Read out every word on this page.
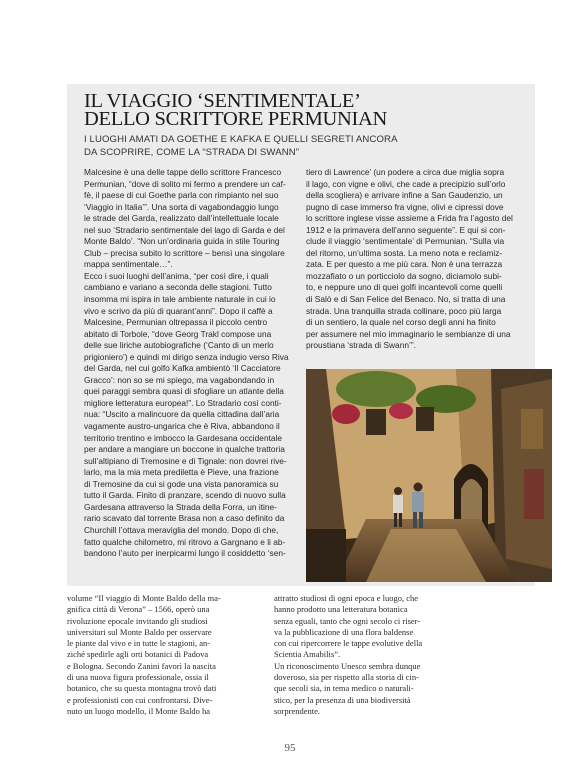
IL VIAGGIO ‘SENTIMENTALE’
DELLO SCRITTORE PERMUNIAN

I LUOGHI AMATI DA GOETHE E KAFKA E QUELLI SEGRETI ANCORA
DA SCOPRIRE, COME LA “STRADA DI SWANN”

Malcesine è una delle tappe dello scrittore Francesco
Permunian, “dove di solito mi fermo a prendere un caf-
fè, il paese di cui Goethe parla con rimpianto nel suo
‘Viaggio in Italia’”. Una sorta di vagabondaggio lungo
le strade del Garda, realizzato dall’intellettuale locale
nel suo ‘Stradario sentimentale del lago di Garda e del
Monte Baldo’. “Non un’ordinaria guida in stile Touring
Club – precisa subito lo scrittore – bensì una singolare
mappa sentimentale…”.
Ecco i suoi luoghi dell’anima, “per così dire, i quali
cambiano e variano a seconda delle stagioni. Tutto
insomma mi ispira in tale ambiente naturale in cui io
vivo e scrivo da più di quarant’anni”. Dopo il caffè a
Malcesine, Permunian oltrepassa il piccolo centro
abitato di Torbole, “dove Georg Trakl compose una
delle sue liriche autobiografiche (‘Canto di un merlo
prigioniero’) e quindi mi dirigo senza indugio verso Riva
del Garda, nel cui golfo Kafka ambientò ‘Il Cacciatore
Gracco’: non so se mi spiego, ma vagabondando in
quei paraggi sembra quasi di sfogliare un atlante della
migliore letteratura europea!”. Lo Stradario così conti-
nua: “Uscito a malincuore da quella cittadina dall’aria
vagamente austro-ungarica che è Riva, abbandono il
territorio trentino e imbocco la Gardesana occidentale
per andare a mangiare un boccone in qualche trattoria
sull’altipiano di Tremosine e di Tignale: non dovrei rive-
larlo, ma la mia meta prediletta è Pieve, una frazione
di Tremosine da cui si gode una vista panoramica su
tutto il Garda. Finito di pranzare, scendo di nuovo sulla
Gardesana attraverso la Strada della Forra, un itine-
rario scavato dal torrente Brasa non a caso definito da
Churchill l’ottava meraviglia del mondo. Dopo di che,
fatto qualche chilometro, mi ritrovo a Gargnano e li ab-
bandono l’auto per inerpicarmi lungo il cosiddetto ‘sen-

tiero di Lawrence’ (un podere a circa due miglia sopra
il lago, con vigne e olivi, che cade a precipizio sull’orlo
della scogliera) e arrivare infine a San Gaudenzio, un
pugno di case immerso fra vigne, olivi e cipressi dove
lo scrittore inglese visse assieme a Frida fra l’agosto del
1912 e la primavera dell’anno seguente”. E qui si con-
clude il viaggio ‘sentimentale’ di Permunian. “Sulla via
del ritorno, un’ultima sosta. La meno nota e reclamiz-
zata. E per questo a me più cara. Non è una terrazza
mozzafiato o un porticciolo da sogno, diciamolo subi-
to, e neppure uno di quei golfi incantevoli come quelli
di Salò e di San Felice del Benaco. No, si tratta di una
strada. Una tranquilla strada collinare, poco più larga
di un sentiero, la quale nel corso degli anni ha finito
per assumere nel mio immaginario le sembianze di una
proustiana ‘strada di Swann’”.

volume “Il viaggio di Monte Baldo della ma-
gnifica città di Verona” – 1566, operò una
rivoluzione epocale invitando gli studiosi
universitari sul Monte Baldo per osservare
le piante dal vivo e in tutte le stagioni, an-
ziché spedirle agli orti botanici di Padova
e Bologna. Secondo Zanini favorì la nascita
di una nuova figura professionale, ossia il
botanico, che su questa montagna trovò dati
e professionisti con cui confrontarsi. Dive-
nuto un luogo modello, il Monte Baldo ha

attratto studiosi di ogni epoca e luogo, che
hanno prodotto una letteratura botanica
senza eguali, tanto che ogni secolo ci riser-
va la pubblicazione di una flora baldense
con cui ripercorrere le tappe evolutive della
Scientia Amabilis”.
Un riconoscimento Unesco sembra dunque
doveroso, sia per rispetto alla storia di cin-
que secoli sia, in tema medico o naturali-
stico, per la presenza di una biodiversità
sorprendente.

95
